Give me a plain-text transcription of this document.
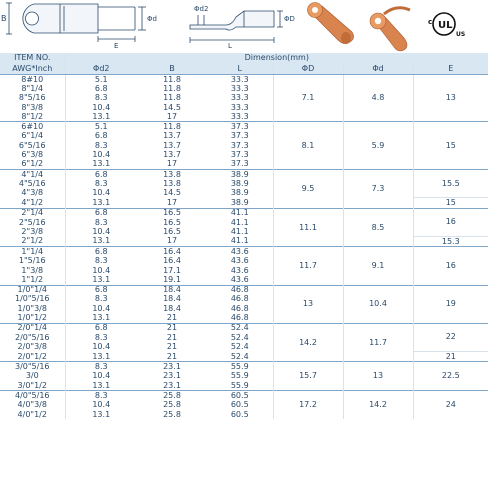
B	Φd
E
Φd2
ΦD
L
UL
c
US
ITEM NO.	Dimension(mm)					
AWG*Inch	Φd2	B	L	ΦD	Φd	E
8#10	5.1	11.8	33.3	7.1	4.8	13
8"1/4	6.8	11.8	33.3			
8"5/16	8.3	11.8	33.3			
8"3/8	10.4	14.5	33.3			
8"1/2	13.1	17	33.3			
6#10	5.1	11.8	37.3	8.1	5.9	15
6"1/4	6.8	13.7	37.3			
6"5/16	8.3	13.7	37.3			
6"3/8	10.4	13.7	37.3			
6"1/2	13.1	17	37.3			
4"1/4	6.8	13.8	38.9	9.5	7.3	15.5
4"5/16	8.3	13.8	38.9			
4"3/8	10.4	14.5	38.9			
4"1/2	13.1	17	38.9			15
2"1/4	6.8	16.5	41.1	11.1	8.5	16
2"5/16	8.3	16.5	41.1			
2"3/8	10.4	16.5	41.1			
2"1/2	13.1	17	41.1			15.3
1"1/4	6.8	16.4	43.6	11.7	9.1	16
1"5/16	8.3	16.4	43.6			
1"3/8	10.4	17.1	43.6			
1"1/2	13.1	19.1	43.6			
1/0"1/4	6.8	18.4	46.8	13	10.4	19
1/0"5/16	8.3	18.4	46.8			
1/0"3/8	10.4	18.4	46.8			
1/0"1/2	13.1	21	46.8			
2/0"1/4	6.8	21	52.4	14.2	11.7	22
2/0"5/16	8.3	21	52.4			
2/0"3/8	10.4	21	52.4			
2/0"1/2	13.1	21	52.4			21
3/0"5/16	8.3	23.1	55.9	15.7	13	22.5
3/0	10.4	23.1	55.9			
3/0"1/2	13.1	23.1	55.9			
4/0"5/16	8.3	25.8	60.5	17.2	14.2	24
4/0"3/8	10.4	25.8	60.5			
4/0"1/2	13.1	25.8	60.5			
